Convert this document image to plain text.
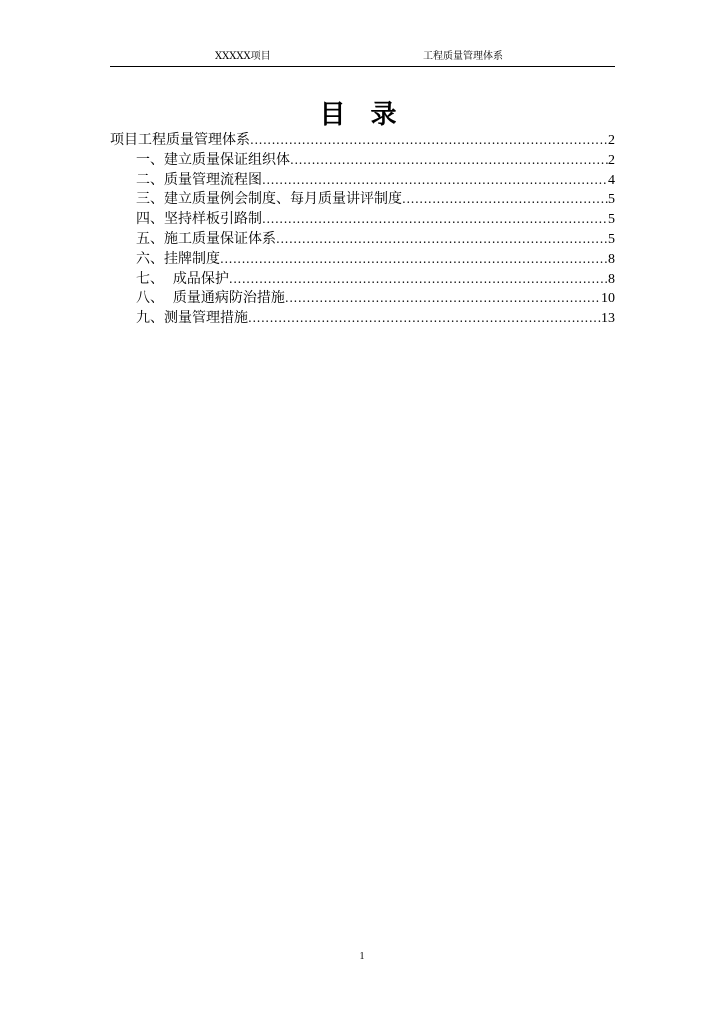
XXXXX项目	工程质量管理体系
目 录
项目工程质量管理体系 .....	2
一、建立质量保证组织体 .....	2
二、质量管理流程图 .....	4
三、建立质量例会制度、每月质量讲评制度 .....	5
四、坚持样板引路制 .....	5
五、施工质量保证体系 .....	5
六、挂牌制度 .....	8
七、  成品保护 .....	8
八、  质量通病防治措施 .....	10
九、测量管理措施 .....	13
1
